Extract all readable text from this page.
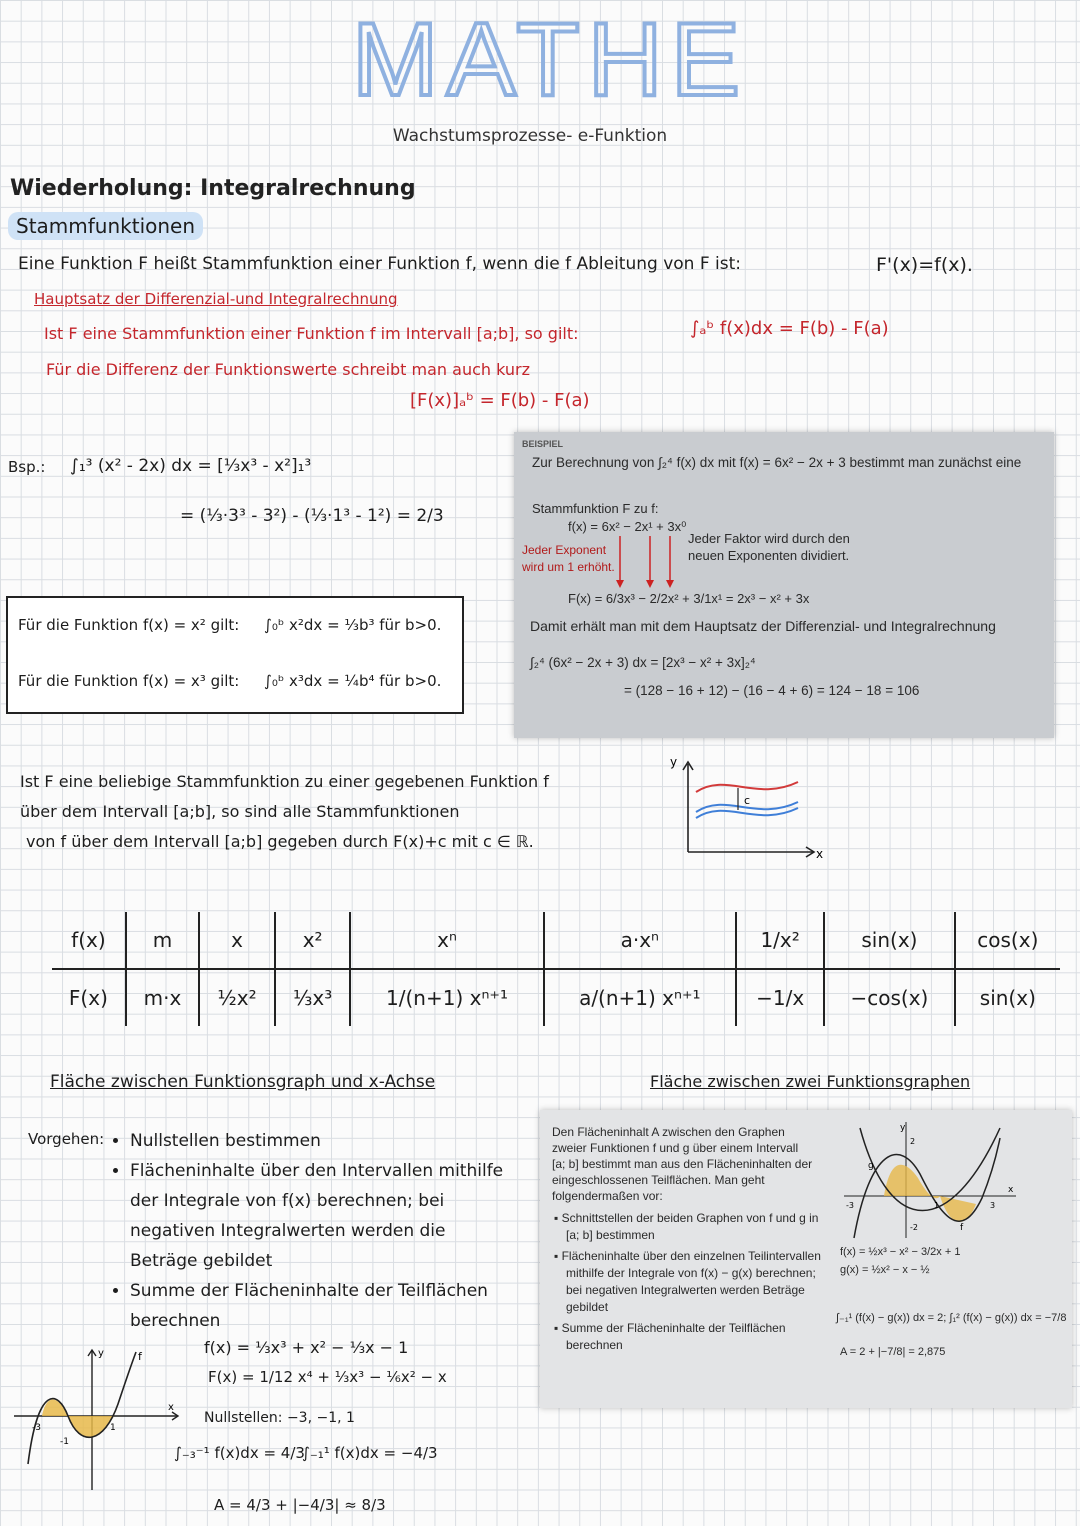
MATHE
Wachstumsprozesse- e-Funktion
Wiederholung: Integralrechnung
Stammfunktionen
Eine Funktion F heißt Stammfunktion einer Funktion f, wenn die f Ableitung von F ist:	F'(x)=f(x).
Hauptsatz der Differenzial-und Integralrechnung
Ist F eine Stammfunktion einer Funktion f im Intervall [a;b], so gilt:	∫ₐᵇ f(x)dx = F(b) - F(a)
Für die Differenz der Funktionswerte schreibt man auch kurz
[F(x)]ₐᵇ = F(b) - F(a)
Bsp.: ∫₁³ (x² - 2x) dx = [⅓x³ - x²]₁³
= (⅓·3³ - 3²) - (⅓·1³ - 1²) = 2/3
Für die Funktion f(x) = x² gilt: ∫₀ᵇ x²dx = ⅓b³ für b>0.
Für die Funktion f(x) = x³ gilt: ∫₀ᵇ x³dx = ¼b⁴ für b>0.
BEISPIEL
Zur Berechnung von ∫₂⁴ f(x) dx mit f(x) = 6x² − 2x + 3 bestimmt man zunächst eine
Stammfunktion F zu f:
f(x) = 6x² − 2x¹ + 3x⁰
Jeder Exponent wird um 1 erhöht.
Jeder Faktor wird durch den neuen Exponenten dividiert.
F(x) = 6/3x³ − 2/2x² + 3/1x¹ = 2x³ − x² + 3x
Damit erhält man mit dem Hauptsatz der Differenzial- und Integralrechnung
∫₂⁴ (6x² − 2x + 3) dx = [2x³ − x² + 3x]₂⁴
= (128 − 16 + 12) − (16 − 4 + 6) = 124 − 18 = 106
Ist F eine beliebige Stammfunktion zu einer gegebenen Funktion f
über dem Intervall [a;b], so sind alle Stammfunktionen
von f über dem Intervall [a;b] gegeben durch F(x)+c mit c ∈ ℝ.
y
x
c
f(x)	m	x	x²	xⁿ	a·xⁿ	1/x²	sin(x)	cos(x)
F(x)	m·x	½x²	⅓x³	1/(n+1) xⁿ⁺¹	a/(n+1) xⁿ⁺¹	−1/x	−cos(x)	sin(x)
Fläche zwischen Funktionsgraph und x-Achse
Vorgehen: • Nullstellen bestimmen
• Flächeninhalte über den Intervallen mithilfe der Integrale von f(x) berechnen; bei negativen Integralwerten werden die Beträge gebildet
• Summe der Flächeninhalte der Teilflächen berechnen
f(x) = ⅓x³ + x² − ⅓x − 1
F(x) = 1/12 x⁴ + ⅓x³ − ⅙x² − x
Nullstellen: −3, −1, 1
∫₋₃⁻¹ f(x)dx = 4/3
∫₋₁¹ f(x)dx = −4/3
A = 4/3 + |−4/3| ≈ 8/3
f
y
x
-3
-1
1
Fläche zwischen zwei Funktionsgraphen
Den Flächeninhalt A zwischen den Graphen zweier Funktionen f und g über einem Intervall [a; b] bestimmt man aus den Flächeninhalten der eingeschlossenen Teilflächen. Man geht folgendermaßen vor:
▪ Schnittstellen der beiden Graphen von f und g in [a; b] bestimmen
▪ Flächeninhalte über den einzelnen Teilintervallen mithilfe der Integrale von f(x) − g(x) berechnen; bei negativen Integralwerten werden Beträge gebildet
▪ Summe der Flächeninhalte der Teilflächen berechnen
g
f
y
x
2
-2
-3	1	3
f(x) = ½x³ − x² − 3/2x + 1
g(x) = ½x² − x − ½
∫₋₁¹ (f(x) − g(x)) dx = 2; ∫₁² (f(x) − g(x)) dx = −7/8
A = 2 + |−7/8| = 2,875
